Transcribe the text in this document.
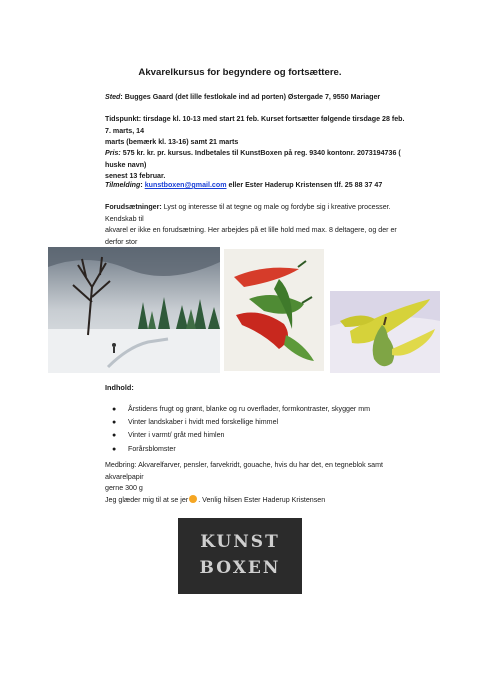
Akvarelkursus for begyndere og fortsættere.
Sted: Bugges Gaard (det lille festlokale ind ad porten) Østergade 7, 9550 Mariager
Tidspunkt: tirsdage kl. 10-13 med start 21 feb. Kurset fortsætter følgende tirsdage 28 feb. 7. marts, 14
marts (bemærk kl. 13-16) samt 21 marts
Pris: 575 kr. kr. pr. kursus. Indbetales til KunstBoxen på reg. 9340 kontonr. 2073194736 ( huske navn)
senest 13 februar.
Tilmelding: kunstboxen@gmail.com eller Ester Haderup Kristensen tlf. 25 88 37 47
Forudsætninger: Lyst og interesse til at tegne og male og fordybe sig i kreative processer. Kendskab til
akvarel er ikke en forudsætning. Her arbejdes på et lille hold med max. 8 deltagere, og der er derfor stor

Indhold:
● Årstidens frugt og grønt, blanke og ru overflader, formkontraster, skygger mm
● Vinter landskaber i hvidt med forskellige himmel
● Vinter i varmt/ gråt med himlen
● Forårsblomster
Medbring: Akvarelfarver, pensler, farvekridt, gouache, hvis du har det, en tegneblok samt akvarelpapir
gerne 300 g
Jeg glæder mig til at se jer . Venlig hilsen Ester Haderup Kristensen
KUNST
BOXEN
